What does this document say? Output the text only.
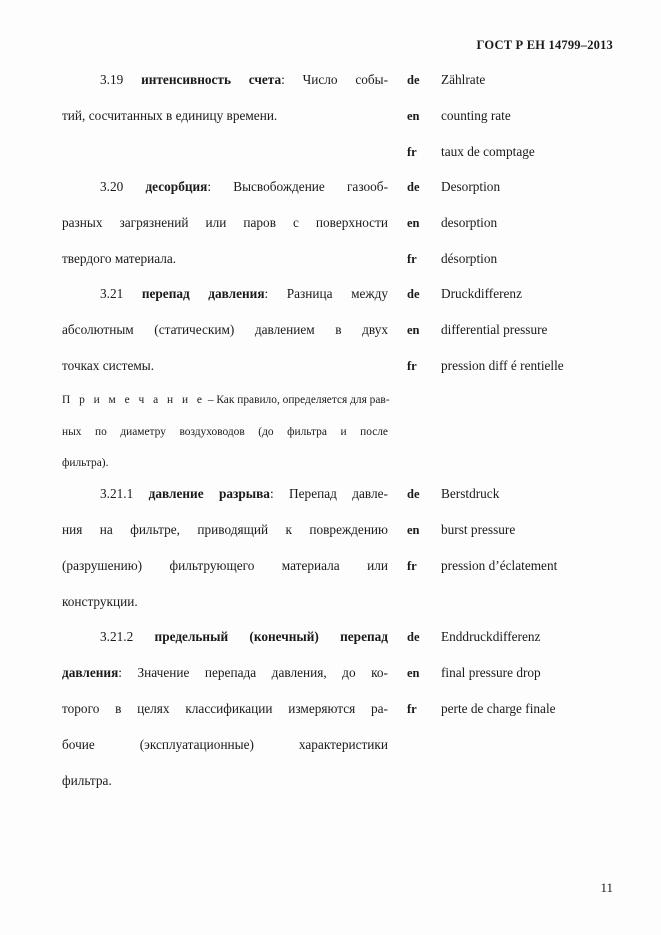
ГОСТ Р ЕН 14799–2013
3.19 интенсивность счета: Число собы-
тий, сосчитанных в единицу времени.
de Zählrate
en counting rate
fr taux de comptage
3.20 десорбция: Высвобождение газооб-
разных загрязнений или паров с поверхности
твердого материала.
de Desorption
en desorption
fr désorption
3.21 перепад давления: Разница между
абсолютным (статическим) давлением в двух
точках системы.
de Druckdifferenz
en differential pressure
fr pression diff é rentielle
П р и м е ч а н и е – Как правило, определяется для рав-
ных по диаметру воздуховодов (до фильтра и после
фильтра).
3.21.1 давление разрыва: Перепад давле-
ния на фильтре, приводящий к повреждению
(разрушению) фильтрующего материала или
конструкции.
de Berstdruck
en burst pressure
fr pression d’éclatement
3.21.2 предельный (конечный) перепад
давления: Значение перепада давления, до ко-
торого в целях классификации измеряются ра-
бочие (эксплуатационные) характеристики
фильтра.
de Enddruckdifferenz
en final pressure drop
fr perte de charge finale
11
